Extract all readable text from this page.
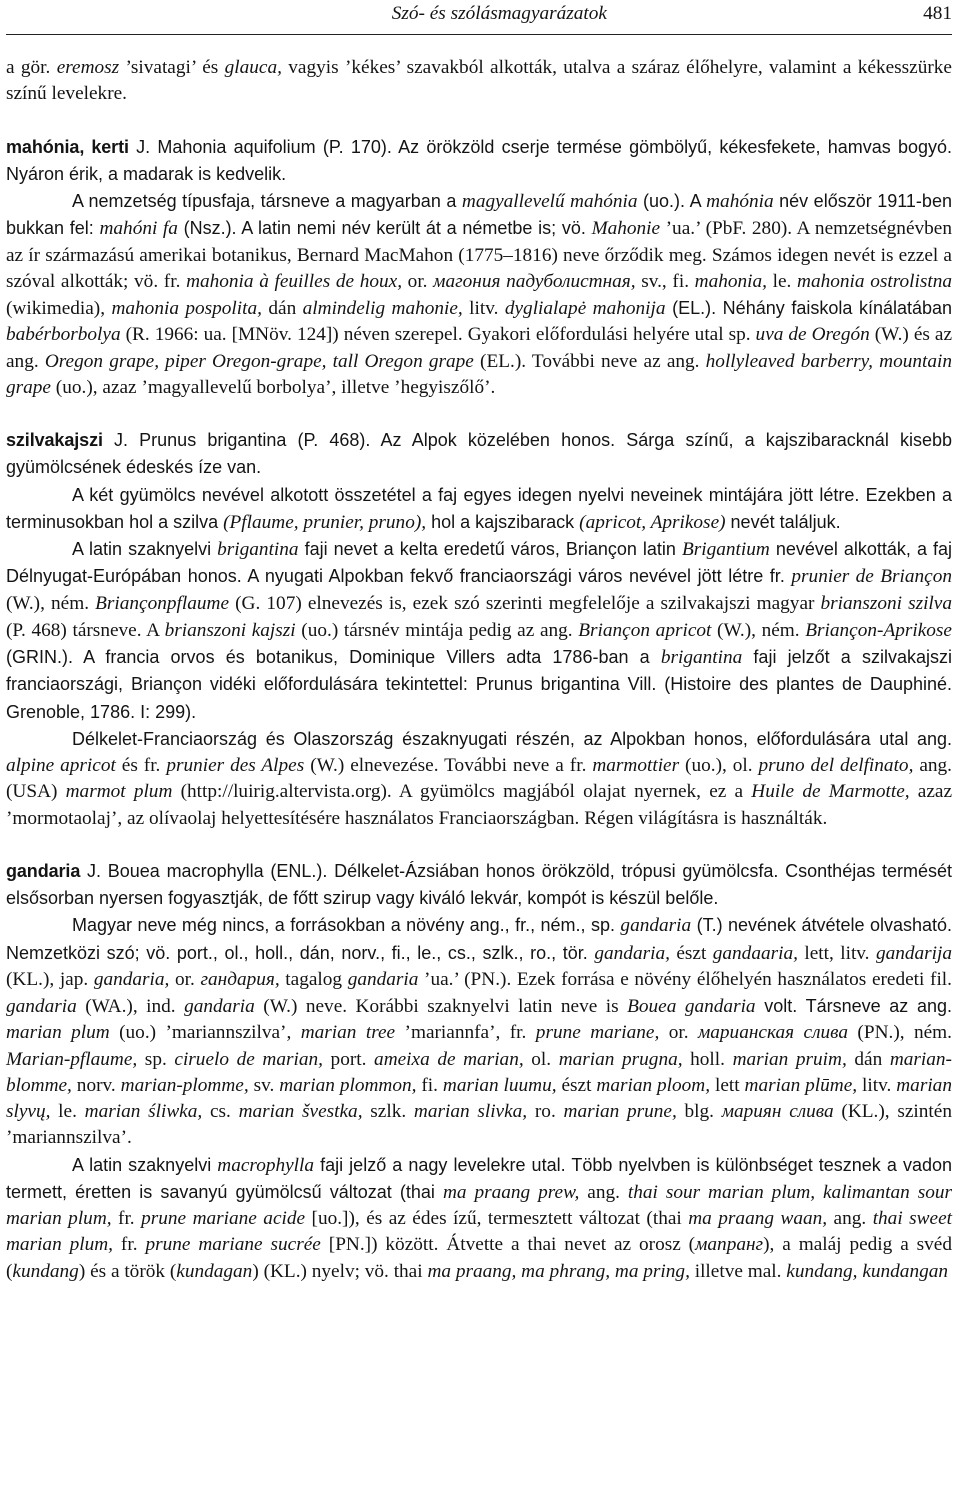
Szó- és szólásmagyarázatok	481

a gör. eremosz ’sivatagi’ és glauca, vagyis ’kékes’ szavakból alkották, utalva a száraz élőhelyre, valamint a kékesszürke színű levelekre.

mahónia, kerti J. Mahonia aquifolium (P. 170). Az örökzöld cserje termése gömbölyű, kékesfekete, hamvas bogyó. Nyáron érik, a madarak is kedvelik.

A nemzetség típusfaja, társneve a magyarban a magyallevelű mahónia (uo.). A mahónia név először 1911-ben bukkan fel: mahóni fa (Nsz.). A latin nemi név került át a németbe is; vö. Mahonie ’ua.’ (PbF. 280). A nemzetségnévben az ír származású amerikai botanikus, Bernard MacMahon (1775–1816) neve őrződik meg. Számos idegen nevét is ezzel a szóval alkották; vö. fr. mahonia à feuilles de houx, or. магония падуболистная, sv., fi. mahonia, le. mahonia ostrolistna (wikimedia), mahonia pospolita, dán almindelig mahonie, litv. dyglialapė mahonija (EL.). Néhány faiskola kínálatában babérborbolya (R. 1966: ua. [MNöv. 124]) néven szerepel. Gyakori előfordulási helyére utal sp. uva de Oregón (W.) és az ang. Oregon grape, piper Oregon-grape, tall Oregon grape (EL.). További neve az ang. hollyleaved barberry, mountain grape (uo.), azaz ’magyallevelű borbolya’, illetve ’hegyiszőlő’.

szilvakajszi J. Prunus brigantina (P. 468). Az Alpok közelében honos. Sárga színű, a kajszibaracknál kisebb gyümölcsének édeskés íze van.

A két gyümölcs nevével alkotott összetétel a faj egyes idegen nyelvi neveinek mintájára jött létre. Ezekben a terminusokban hol a szilva (Pflaume, prunier, pruno), hol a kajszibarack (apricot, Aprikose) nevét találjuk.

A latin szaknyelvi brigantina faji nevet a kelta eredetű város, Briançon latin Brigantium nevével alkották, a faj Délnyugat-Európában honos. A nyugati Alpokban fekvő franciaországi város nevével jött létre fr. prunier de Briançon (W.), ném. Briançonpflaume (G. 107) elnevezés is, ezek szó szerinti megfelelője a szilvakajszi magyar brianszoni szilva (P. 468) társneve. A brianszoni kajszi (uo.) társnév mintája pedig az ang. Briançon apricot (W.), ném. Briançon-Aprikose (GRIN.). A francia orvos és botanikus, Dominique Villers adta 1786-ban a brigantina faji jelzőt a szilvakajszi franciaországi, Briançon vidéki előfordulására tekintettel: Prunus brigantina Vill. (Histoire des plantes de Dauphiné. Grenoble, 1786. I: 299).

Délkelet-Franciaország és Olaszország északnyugati részén, az Alpokban honos, előfordulására utal ang. alpine apricot és fr. prunier des Alpes (W.) elnevezése. További neve a fr. marmottier (uo.), ol. pruno del delfinato, ang. (USA) marmot plum (http://luirig.altervista.org). A gyümölcs magjából olajat nyernek, ez a Huile de Marmotte, azaz ’mormotaolaj’, az olívaolaj helyettesítésére használatos Franciaországban. Régen világításra is használták.

gandaria J. Bouea macrophylla (ENL.). Délkelet-Ázsiában honos örökzöld, trópusi gyümölcsfa. Csonthéjas termését elsősorban nyersen fogyasztják, de főtt szirup vagy kiváló lekvár, kompót is készül belőle.

Magyar neve még nincs, a forrásokban a növény ang., fr., ném., sp. gandaria (T.) nevének átvétele olvasható. Nemzetközi szó; vö. port., ol., holl., dán, norv., fi., le., cs., szlk., ro., tör. gandaria, észt gandaaria, lett, litv. gandarija (KL.), jap. gandaria, or. гандария, tagalog gandaria ’ua.’ (PN.). Ezek forrása e növény élőhelyén használatos eredeti fil. gandaria (WA.), ind. gandaria (W.) neve. Korábbi szaknyelvi latin neve is Bouea gandaria volt. Társneve az ang. marian plum (uo.) ’mariannszilva’, marian tree ’mariannfa’, fr. prune mariane, or. марианская слива (PN.), ném. Marian-pflaume, sp. ciruelo de marian, port. ameixa de marian, ol. marian prugna, holl. marian pruim, dán marian-blomme, norv. marian-plomme, sv. marian plommon, fi. marian luumu, észt marian ploom, lett marian plūme, litv. marian slyvų, le. marian śliwka, cs. marian švestka, szlk. marian slivka, ro. marian prune, blg. мариян слива (KL.), szintén ’mariannszilva’.

A latin szaknyelvi macrophylla faji jelző a nagy levelekre utal. Több nyelvben is különbséget tesznek a vadon termett, éretten is savanyú gyümölcsű változat (thai ma praang prew, ang. thai sour marian plum, kalimantan sour marian plum, fr. prune mariane acide [uo.]), és az édes ízű, termesztett változat (thai ma praang waan, ang. thai sweet marian plum, fr. prune mariane sucrée [PN.]) között. Átvette a thai nevet az orosz (мапранг), a maláj pedig a svéd (kundang) és a török (kundagan) (KL.) nyelv; vö. thai ma praang, ma phrang, ma pring, illetve mal. kundang, kundangan
